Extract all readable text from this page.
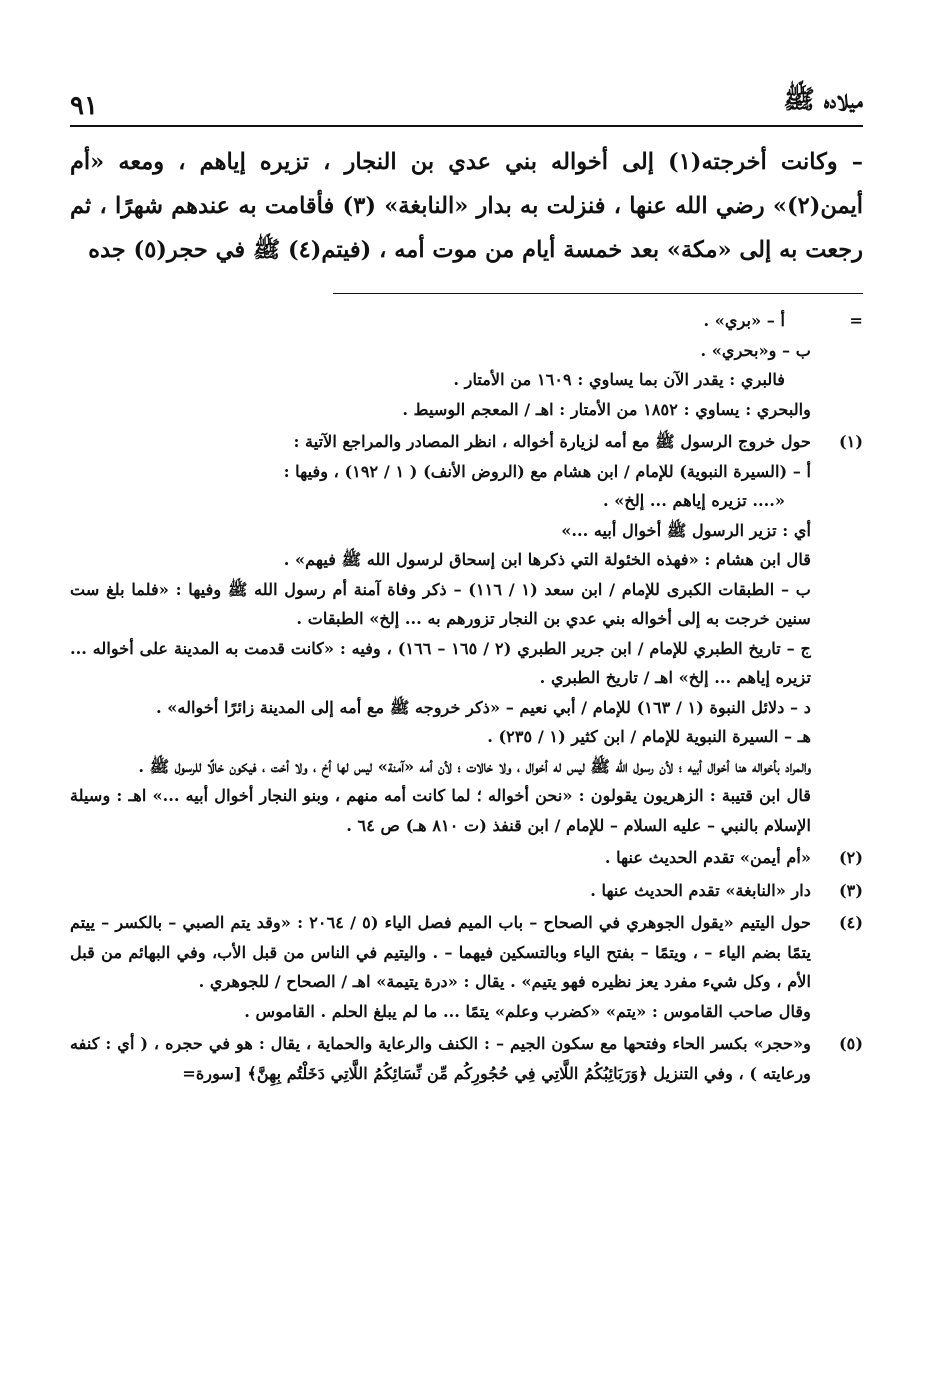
٩١	ميلاده ﷺ
– وكانت أخرجته(١) إلى أخواله بني عدي بن النجار ، تزيره إياهم ، ومعه «أم أيمن(٢)» رضي الله عنها ، فنزلت به بدار «النابغة» (٣) فأقامت به عندهم شهرًا ، ثم رجعت به إلى «مكة» بعد خمسة أيام من موت أمه ، (فيتم(٤) ﷺ في حجر(٥) جده
=

أ – «بري» .

ب – و«بحري» .

فالبري : يقدر الآن بما يساوي : ١٦٠٩ من الأمتار .

والبحري : يساوي : ١٨٥٢ من الأمتار : اهـ / المعجم الوسيط .

(١)

حول خروج الرسول ﷺ مع أمه لزيارة أخواله ، انظر المصادر والمراجع الآتية :

أ – (السيرة النبوية) للإمام / ابن هشام مع (الروض الأنف) ( ١ / ١٩٢) ، وفيها :

«.... تزيره إياهم ... إلخ» .

أي : تزير الرسول ﷺ أخوال أبيه ...»

قال ابن هشام : «فهذه الخئولة التي ذكرها ابن إسحاق لرسول الله ﷺ فيهم» .

ب – الطبقات الكبرى للإمام / ابن سعد (١ / ١١٦) – ذكر وفاة آمنة أم رسول الله ﷺ وفيها : «فلما بلغ ست سنين خرجت به إلى أخواله بني عدي بن النجار تزورهم به ... إلخ» الطبقات .

ج – تاريخ الطبري للإمام / ابن جرير الطبري (٢ / ١٦٥ – ١٦٦) ، وفيه : «كانت قدمت به المدينة على أخواله ... تزيره إياهم ... إلخ» اهـ / تاريخ الطبري .

د – دلائل النبوة (١ / ١٦٣) للإمام / أبي نعيم – «ذكر خروجه ﷺ مع أمه إلى المدينة زائرًا أخواله» .

هـ – السيرة النبوية للإمام / ابن كثير (١ / ٢٣٥) .

والمراد بأخواله هنا أخوال أبيه ؛ لأن رسول الله ﷺ ليس له أخوال ، ولا خالات ؛ لأن أمه «آمنة» ليس لها أخ ، ولا أخت ، فيكون خالًا للرسول ﷺ .

قال ابن قتيبة : الزهريون يقولون : «نحن أخواله ؛ لما كانت أمه منهم ، وبنو النجار أخوال أبيه ...» اهـ : وسيلة الإسلام بالنبي – عليه السلام – للإمام / ابن قنفذ (ت ٨١٠ هـ) ص ٦٤ .

(٢)

«أم أيمن» تقدم الحديث عنها .

(٣)

دار «النابغة» تقدم الحديث عنها .

(٤)

حول اليتيم «يقول الجوهري في الصحاح – باب الميم فصل الياء (٥ / ٢٠٦٤ : «وقد يتم الصبي – بالكسر – ييتم يتمًا بضم الياء – ، ويتمًا – بفتح الياء وبالتسكين فيهما – . واليتيم في الناس من قبل الأب، وفي البهائم من قبل الأم ، وكل شيء مفرد يعز نظيره فهو يتيم» . يقال : «درة يتيمة» اهـ / الصحاح / للجوهري .

وقال صاحب القاموس : «يتم» «كضرب وعلم» يتمًا ... ما لم يبلغ الحلم . القاموس .

(٥)

و«حجر» بكسر الحاء وفتحها مع سكون الجيم – : الكنف والرعاية والحماية ، يقال : هو في حجره ، ( أي : كنفه ورعايته ) ، وفي التنزيل ﴿وَرَبَائِبُكُمُ اللَّاتِي فِي حُجُورِكُم مِّن نِّسَائِكُمُ اللَّاتِي دَخَلْتُم بِهِنَّ﴾ [سورة=
